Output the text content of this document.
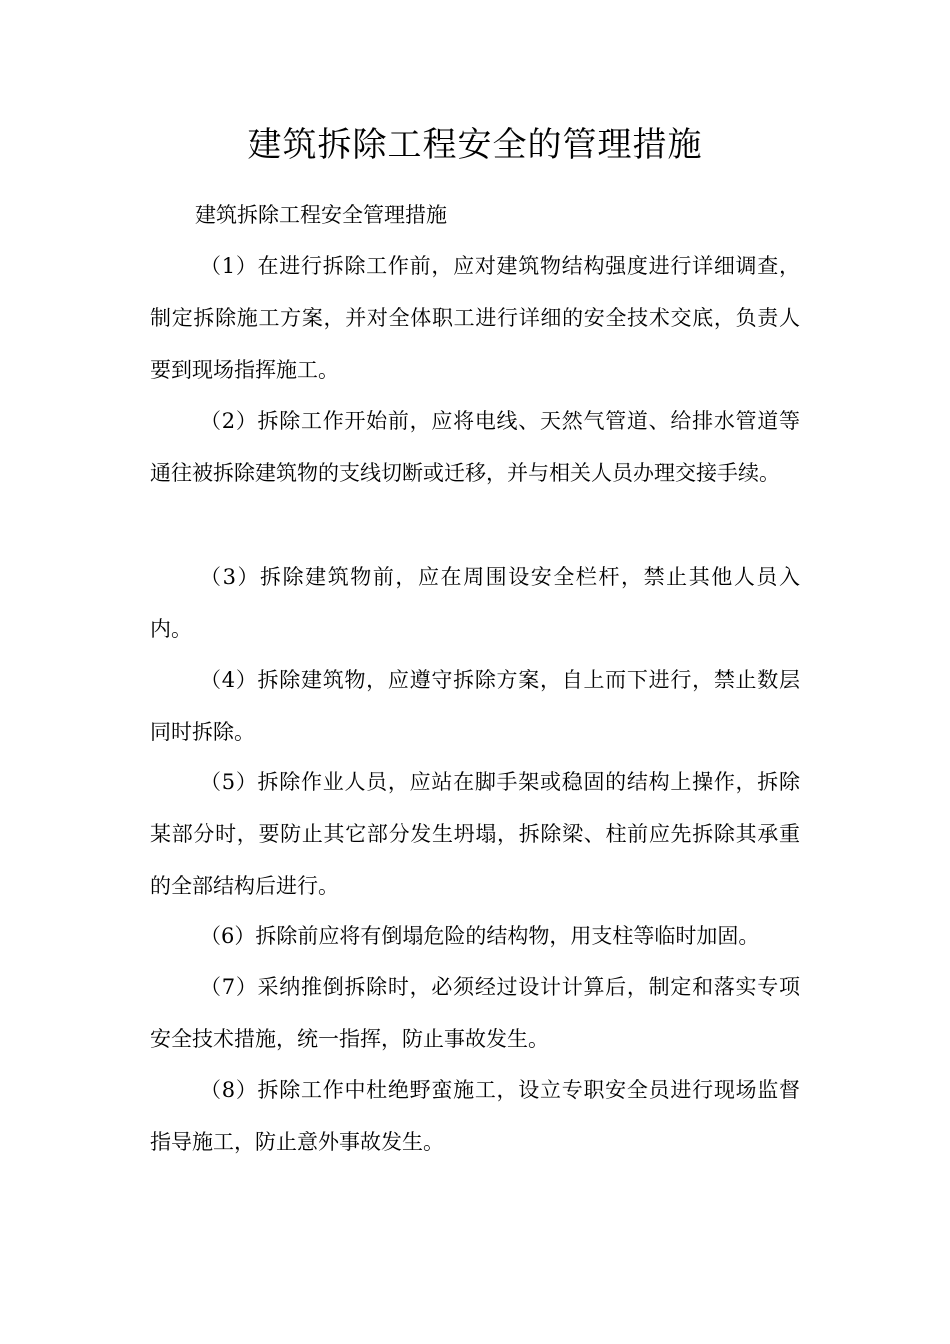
建筑拆除工程安全的管理措施
建筑拆除工程安全管理措施

（1）在进行拆除工作前，应对建筑物结构强度进行详细调查，制定拆除施工方案，并对全体职工进行详细的安全技术交底，负责人要到现场指挥施工。

（2）拆除工作开始前，应将电线、天然气管道、给排水管道等通往被拆除建筑物的支线切断或迁移，并与相关人员办理交接手续。

（3）拆除建筑物前，应在周围设安全栏杆，禁止其他人员入内。

（4）拆除建筑物，应遵守拆除方案，自上而下进行，禁止数层同时拆除。

（5）拆除作业人员，应站在脚手架或稳固的结构上操作，拆除某部分时，要防止其它部分发生坍塌，拆除梁、柱前应先拆除其承重的全部结构后进行。

（6）拆除前应将有倒塌危险的结构物，用支柱等临时加固。

（7）采纳推倒拆除时，必须经过设计计算后，制定和落实专项安全技术措施，统一指挥，防止事故发生。

（8）拆除工作中杜绝野蛮施工，设立专职安全员进行现场监督指导施工，防止意外事故发生。
